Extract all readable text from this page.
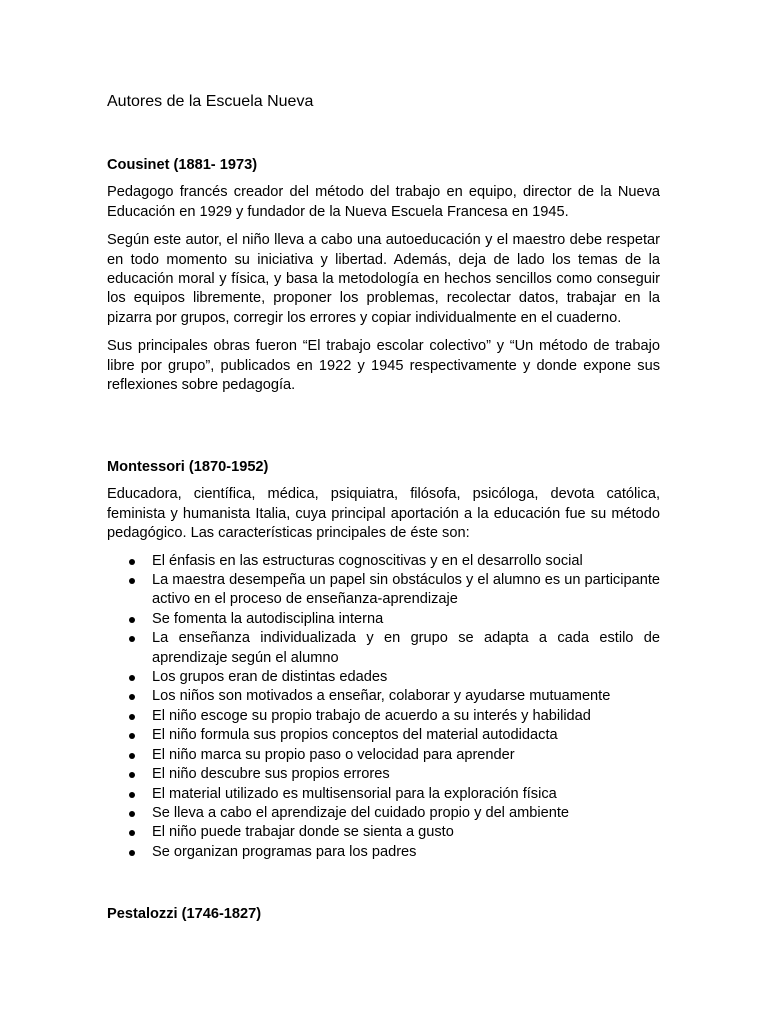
Autores de la Escuela Nueva
Cousinet (1881- 1973)

Pedagogo francés creador del método del trabajo en equipo, director de la Nueva Educación en 1929 y fundador de la Nueva Escuela Francesa en 1945.

Según este autor, el niño lleva a cabo una autoeducación y el maestro debe respetar en todo momento su iniciativa y libertad. Además, deja de lado los temas de la educación moral y física, y basa la metodología en hechos sencillos como conseguir los equipos libremente, proponer los problemas, recolectar datos, trabajar en la pizarra por grupos, corregir los errores y copiar individualmente en el cuaderno.

Sus principales obras fueron “El trabajo escolar colectivo” y “Un método de trabajo libre por grupo”, publicados en 1922 y 1945 respectivamente y donde expone sus reflexiones sobre pedagogía.

Montessori (1870-1952)

Educadora, científica, médica, psiquiatra, filósofa, psicóloga, devota católica, feminista y humanista Italia, cuya principal aportación a la educación fue su método pedagógico. Las características principales de éste son:

El énfasis en las estructuras cognoscitivas y en el desarrollo social
La maestra desempeña un papel sin obstáculos y el alumno es un participante activo en el proceso de enseñanza-aprendizaje
Se fomenta la autodisciplina interna
La enseñanza individualizada y en grupo se adapta a cada estilo de aprendizaje según el alumno
Los grupos eran de distintas edades
Los niños son motivados a enseñar, colaborar y ayudarse mutuamente
El niño escoge su propio trabajo de acuerdo a su interés y habilidad
El niño formula sus propios conceptos del material autodidacta
El niño marca su propio paso o velocidad para aprender
El niño descubre sus propios errores
El material utilizado es multisensorial para la exploración física
Se lleva a cabo el aprendizaje del cuidado propio y del ambiente
El niño puede trabajar donde se sienta a gusto
Se organizan programas para los padres
Pestalozzi (1746-1827)
